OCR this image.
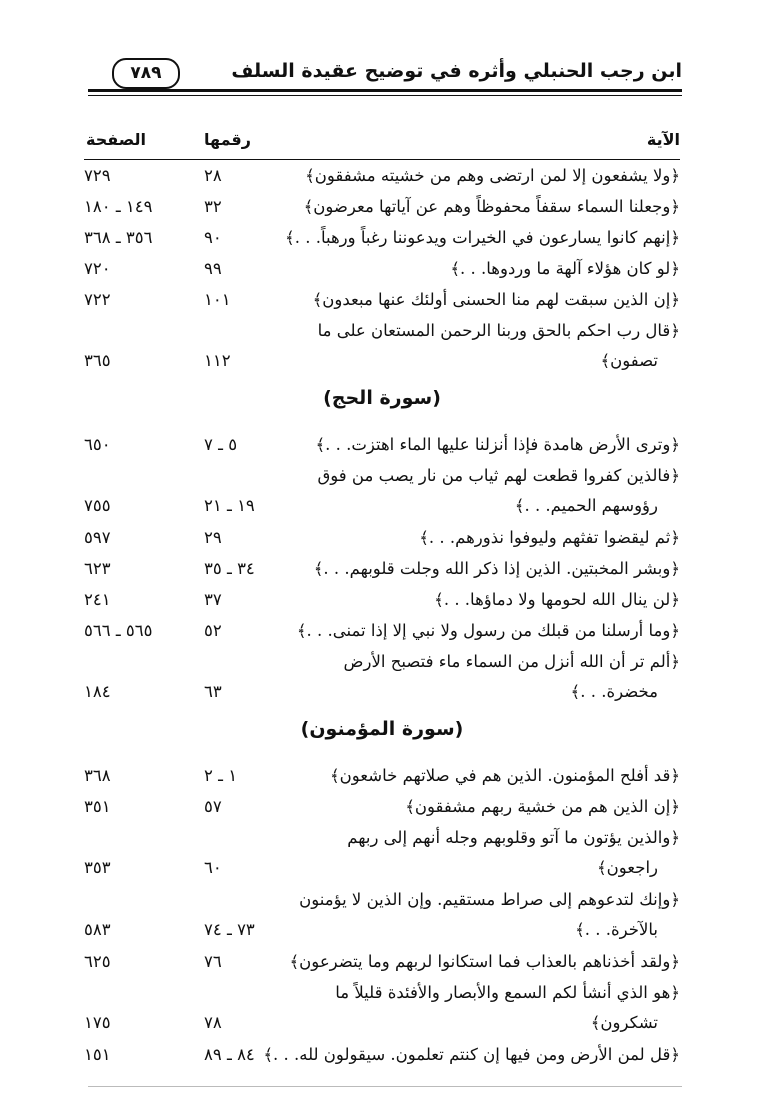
ابن رجب الحنبلي وأثره في توضيح عقيدة السلف
٧٨٩
الآية
رقمها
الصفحة
﴿ولا يشفعون إلا لمن ارتضى وهم من خشيته مشفقون﴾
٢٨
٧٢٩
﴿وجعلنا السماء سقفاً محفوظاً وهم عن آياتها معرضون﴾
٣٢
١٤٩ ـ ١٨٠
﴿إنهم كانوا يسارعون في الخيرات ويدعوننا رغباً ورهباً. . .﴾
٩٠
٣٥٦ ـ ٣٦٨
﴿لو كان هؤلاء آلهة ما وردوها. . .﴾
٩٩
٧٢٠
﴿إن الذين سبقت لهم منا الحسنى أولئك عنها مبعدون﴾
١٠١
٧٢٢
﴿قال رب احكم بالحق وربنا الرحمن المستعان على ما
تصفون﴾
١١٢
٣٦٥
(سورة الحج)
﴿وترى الأرض هامدة فإذا أنزلنا عليها الماء اهتزت. . .﴾
٥ ـ ٧
٦٥٠
﴿فالذين كفروا قطعت لهم ثياب من نار يصب من فوق
رؤوسهم الحميم. . .﴾
١٩ ـ ٢١
٧٥٥
﴿ثم ليقضوا تفثهم وليوفوا نذورهم. . .﴾
٢٩
٥٩٧
﴿وبشر المخبتين. الذين إذا ذكر الله وجلت قلوبهم. . .﴾
٣٤ ـ ٣٥
٦٢٣
﴿لن ينال الله لحومها ولا دماؤها. . .﴾
٣٧
٢٤١
﴿وما أرسلنا من قبلك من رسول ولا نبي إلا إذا تمنى. . .﴾
٥٢
٥٦٥ ـ ٥٦٦
﴿ألم تر أن الله أنزل من السماء ماء فتصبح الأرض
مخضرة. . .﴾
٦٣
١٨٤
(سورة المؤمنون)
﴿قد أفلح المؤمنون. الذين هم في صلاتهم خاشعون﴾
١ ـ ٢
٣٦٨
﴿إن الذين هم من خشية ربهم مشفقون﴾
٥٧
٣٥١
﴿والذين يؤتون ما آتو وقلوبهم وجله أنهم إلى ربهم
راجعون﴾
٦٠
٣٥٣
﴿وإنك لتدعوهم إلى صراط مستقيم. وإن الذين لا يؤمنون
بالآخرة. . .﴾
٧٣ ـ ٧٤
٥٨٣
﴿ولقد أخذناهم بالعذاب فما استكانوا لربهم وما يتضرعون﴾
٧٦
٦٢٥
﴿هو الذي أنشأ لكم السمع والأبصار والأفئدة قليلاً ما
تشكرون﴾
٧٨
١٧٥
﴿قل لمن الأرض ومن فيها إن كنتم تعلمون. سيقولون لله. . .﴾
٨٤ ـ ٨٩
١٥١
